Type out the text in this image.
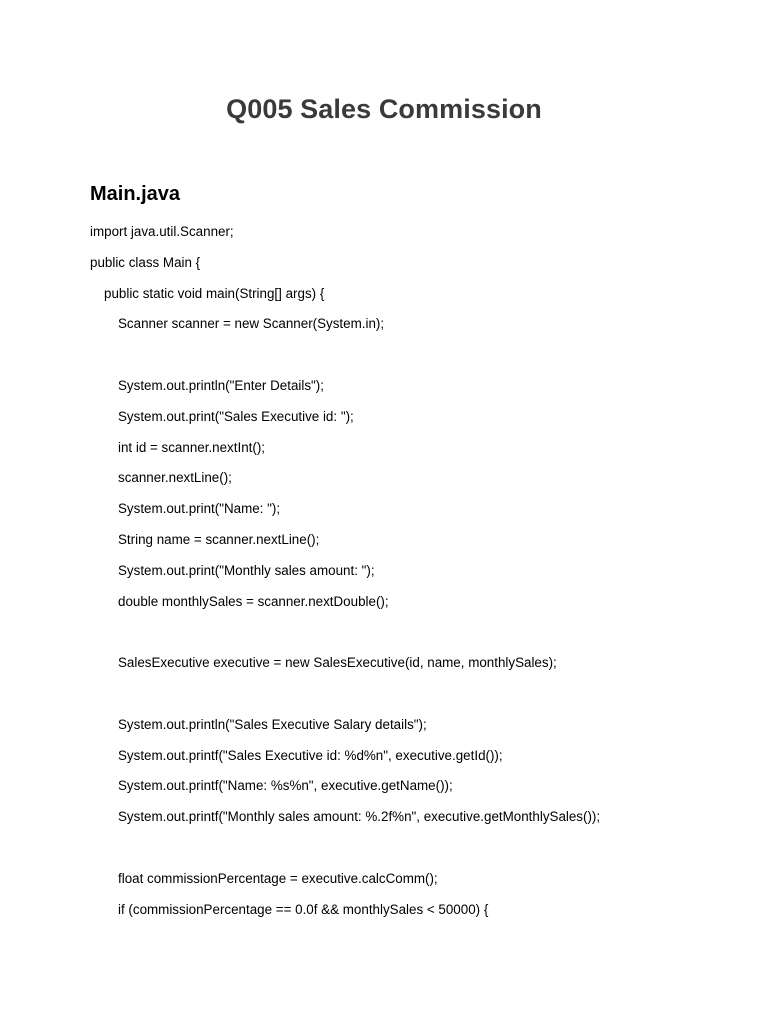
Q005 Sales Commission
Main.java
import java.util.Scanner;
public class Main {
public static void main(String[] args) {
Scanner scanner = new Scanner(System.in);
System.out.println("Enter Details");
System.out.print("Sales Executive id: ");
int id = scanner.nextInt();
scanner.nextLine();
System.out.print("Name: ");
String name = scanner.nextLine();
System.out.print("Monthly sales amount: ");
double monthlySales = scanner.nextDouble();
SalesExecutive executive = new SalesExecutive(id, name, monthlySales);
System.out.println("Sales Executive Salary details");
System.out.printf("Sales Executive id: %d%n", executive.getId());
System.out.printf("Name: %s%n", executive.getName());
System.out.printf("Monthly sales amount: %.2f%n", executive.getMonthlySales());
float commissionPercentage = executive.calcComm();
if (commissionPercentage == 0.0f && monthlySales < 50000) {
